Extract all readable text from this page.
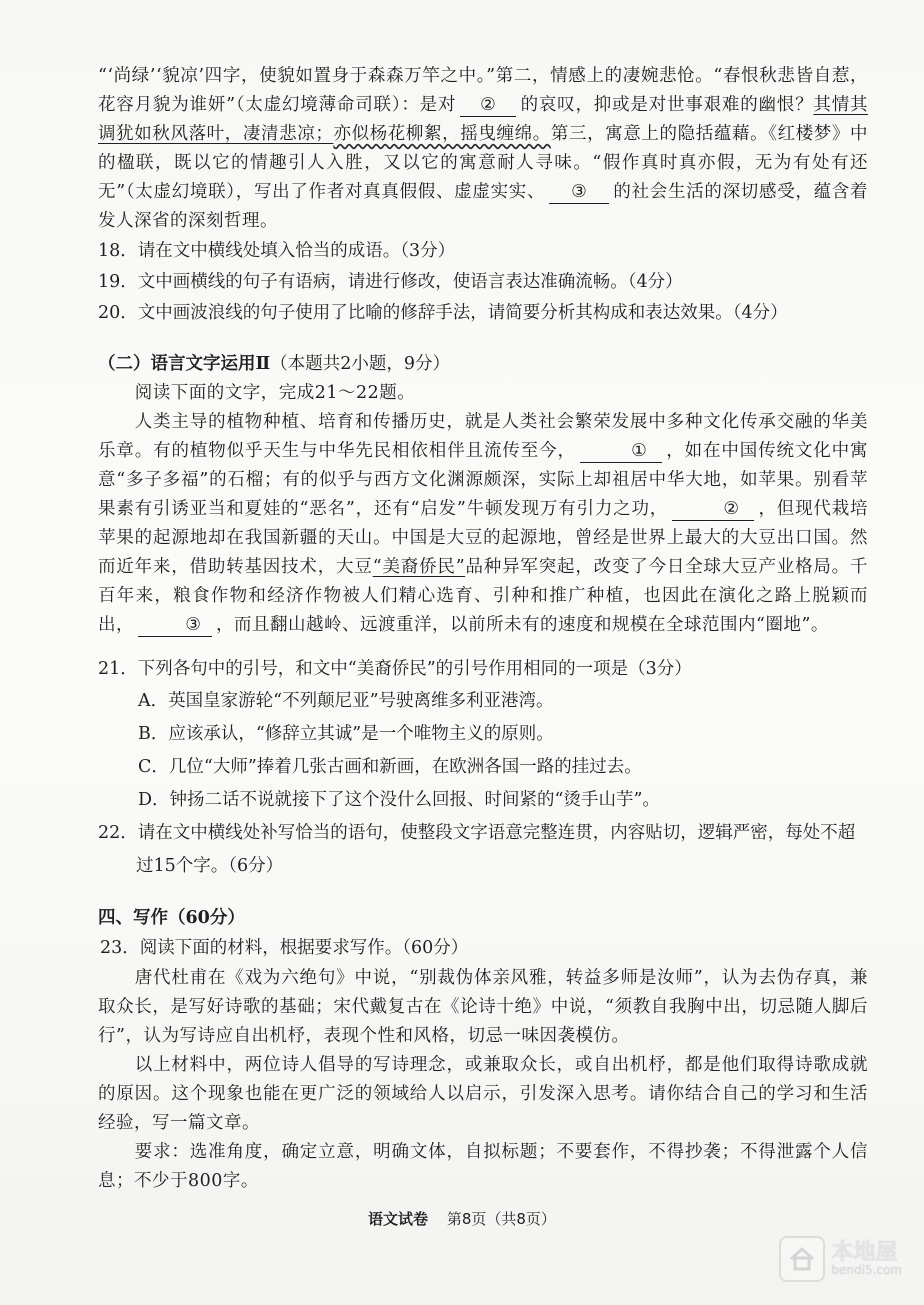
“‘尚绿’‘貌凉’四字，使貌如置身于森森万竿之中。”第二，情感上的凄婉悲怆。“春恨秋悲皆自惹，花容月貌为谁妍”（太虚幻境薄命司联）：是对 ② 的哀叹，抑或是对世事艰难的幽恨？其情其调犹如秋风落叶，凄清悲凉；亦似杨花柳絮，摇曳缠绵。第三，寓意上的隐括蕴藉。《红楼梦》中的楹联，既以它的情趣引人入胜，又以它的寓意耐人寻味。“假作真时真亦假，无为有处有还无”（太虚幻境联），写出了作者对真真假假、虚虚实实、 ③ 的社会生活的深切感受，蕴含着发人深省的深刻哲理。

18．请在文中横线处填入恰当的成语。（3分）

19．文中画横线的句子有语病，请进行修改，使语言表达准确流畅。（4分）

20．文中画波浪线的句子使用了比喻的修辞手法，请简要分析其构成和表达效果。（4分）

（二）语言文字运用Ⅱ（本题共2小题，9分）

阅读下面的文字，完成21～22题。

人类主导的植物种植、培育和传播历史，就是人类社会繁荣发展中多种文化传承交融的华美乐章。有的植物似乎天生与中华先民相依相伴且流传至今，	① ，如在中国传统文化中寓意“多子多福”的石榴；有的似乎与西方文化渊源颇深，实际上却祖居中华大地，如苹果。别看苹果素有引诱亚当和夏娃的“恶名”，还有“启发”牛顿发现万有引力之功，	② ，但现代栽培苹果的起源地却在我国新疆的天山。中国是大豆的起源地，曾经是世界上最大的大豆出口国。然而近年来，借助转基因技术，大豆“美裔侨民”品种异军突起，改变了今日全球大豆产业格局。千百年来，粮食作物和经济作物被人们精心选育、引种和推广种植，也因此在演化之路上脱颖而出，	③ ，而且翻山越岭、远渡重洋，以前所未有的速度和规模在全球范围内“圈地”。

21．下列各句中的引号，和文中“美裔侨民”的引号作用相同的一项是（3分）

A．英国皇家游轮“不列颠尼亚”号驶离维多利亚港湾。

B．应该承认，“修辞立其诚”是一个唯物主义的原则。

C．几位“大师”捧着几张古画和新画，在欧洲各国一路的挂过去。

D．钟扬二话不说就接下了这个没什么回报、时间紧的“烫手山芋”。

22．请在文中横线处补写恰当的语句，使整段文字语意完整连贯，内容贴切，逻辑严密，每处不超过15个字。（6分）

四、写作（60分）

23．阅读下面的材料，根据要求写作。（60分）

唐代杜甫在《戏为六绝句》中说，“别裁伪体亲风雅，转益多师是汝师”，认为去伪存真，兼取众长，是写好诗歌的基础；宋代戴复古在《论诗十绝》中说，“须教自我胸中出，切忌随人脚后行”，认为写诗应自出机杼，表现个性和风格，切忌一味因袭模仿。

以上材料中，两位诗人倡导的写诗理念，或兼取众长，或自出机杼，都是他们取得诗歌成就的原因。这个现象也能在更广泛的领域给人以启示，引发深入思考。请你结合自己的学习和生活经验，写一篇文章。

要求：选准角度，确定立意，明确文体，自拟标题；不要套作，不得抄袭；不得泄露个人信息；不少于800字。

语文试卷 第8页（共8页）
本地屋
bendi5.com
